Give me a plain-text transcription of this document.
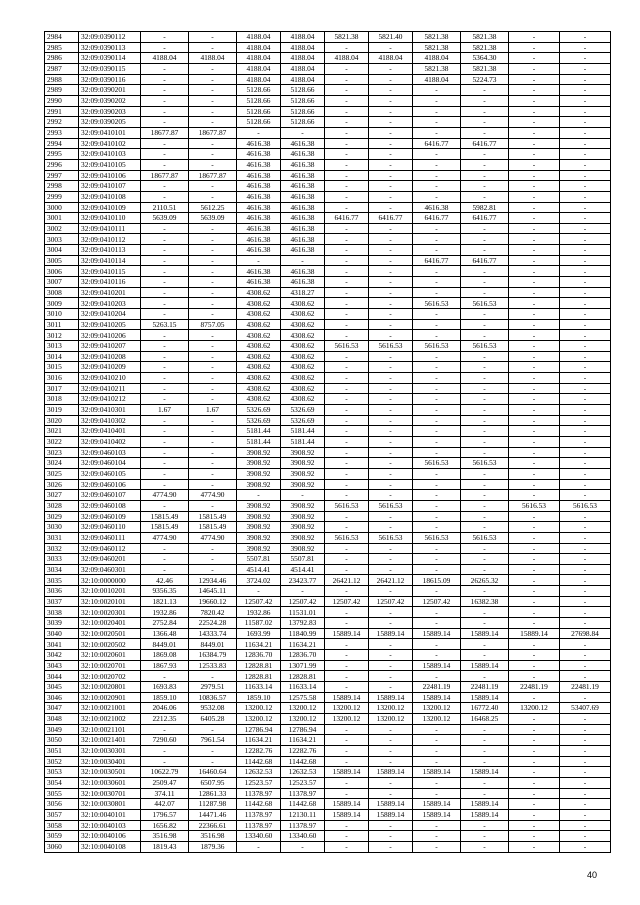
2984	32:09:0390112	-	-	4188.04	4188.04	5821.38	5821.40	5821.38	5821.38	-	-
2985	32:09:0390113	-	-	4188.04	4188.04	-	-	5821.38	5821.38	-	-
2986	32:09:0390114	4188.04	4188.04	4188.04	4188.04	4188.04	4188.04	4188.04	5364.30	-	-
2987	32:09:0390115	-	-	4188.04	4188.04	-	-	5821.38	5821.38	-	-
2988	32:09:0390116	-	-	4188.04	4188.04	-	-	4188.04	5224.73	-	-
2989	32:09:0390201	-	-	5128.66	5128.66	-	-	-	-	-	-
2990	32:09:0390202	-	-	5128.66	5128.66	-	-	-	-	-	-
2991	32:09:0390203	-	-	5128.66	5128.66	-	-	-	-	-	-
2992	32:09:0390205	-	-	5128.66	5128.66	-	-	-	-	-	-
2993	32:09:0410101	18677.87	18677.87	-	-	-	-	-	-	-	-
2994	32:09:0410102	-	-	4616.38	4616.38	-	-	6416.77	6416.77	-	-
2995	32:09:0410103	-	-	4616.38	4616.38	-	-	-	-	-	-
2996	32:09:0410105	-	-	4616.38	4616.38	-	-	-	-	-	-
2997	32:09:0410106	18677.87	18677.87	4616.38	4616.38	-	-	-	-	-	-
2998	32:09:0410107	-	-	4616.38	4616.38	-	-	-	-	-	-
2999	32:09:0410108	-	-	4616.38	4616.38	-	-	-	-	-	-
3000	32:09:0410109	2110.51	5612.25	4616.38	4616.38	-	-	4616.38	5982.81	-	-
3001	32:09:0410110	5639.09	5639.09	4616.38	4616.38	6416.77	6416.77	6416.77	6416.77	-	-
3002	32:09:0410111	-	-	4616.38	4616.38	-	-	-	-	-	-
3003	32:09:0410112	-	-	4616.38	4616.38	-	-	-	-	-	-
3004	32:09:0410113	-	-	4616.38	4616.38	-	-	-	-	-	-
3005	32:09:0410114	-	-	-	-	-	-	6416.77	6416.77	-	-
3006	32:09:0410115	-	-	4616.38	4616.38	-	-	-	-	-	-
3007	32:09:0410116	-	-	4616.38	4616.38	-	-	-	-	-	-
3008	32:09:0410201	-	-	4308.62	4318.27	-	-	-	-	-	-
3009	32:09:0410203	-	-	4308.62	4308.62	-	-	5616.53	5616.53	-	-
3010	32:09:0410204	-	-	4308.62	4308.62	-	-	-	-	-	-
3011	32:09:0410205	5263.15	8757.05	4308.62	4308.62	-	-	-	-	-	-
3012	32:09:0410206	-	-	4308.62	4308.62	-	-	-	-	-	-
3013	32:09:0410207	-	-	4308.62	4308.62	5616.53	5616.53	5616.53	5616.53	-	-
3014	32:09:0410208	-	-	4308.62	4308.62	-	-	-	-	-	-
3015	32:09:0410209	-	-	4308.62	4308.62	-	-	-	-	-	-
3016	32:09:0410210	-	-	4308.62	4308.62	-	-	-	-	-	-
3017	32:09:0410211	-	-	4308.62	4308.62	-	-	-	-	-	-
3018	32:09:0410212	-	-	4308.62	4308.62	-	-	-	-	-	-
3019	32:09:0410301	1.67	1.67	5326.69	5326.69	-	-	-	-	-	-
3020	32:09:0410302	-	-	5326.69	5326.69	-	-	-	-	-	-
3021	32:09:0410401	-	-	5181.44	5181.44	-	-	-	-	-	-
3022	32:09:0410402	-	-	5181.44	5181.44	-	-	-	-	-	-
3023	32:09:0460103	-	-	3908.92	3908.92	-	-	-	-	-	-
3024	32:09:0460104	-	-	3908.92	3908.92	-	-	5616.53	5616.53	-	-
3025	32:09:0460105	-	-	3908.92	3908.92	-	-	-	-	-	-
3026	32:09:0460106	-	-	3908.92	3908.92	-	-	-	-	-	-
3027	32:09:0460107	4774.90	4774.90	-	-	-	-	-	-	-	-
3028	32:09:0460108	-	-	3908.92	3908.92	5616.53	5616.53	-	-	5616.53	5616.53
3029	32:09:0460109	15815.49	15815.49	3908.92	3908.92	-	-	-	-	-	-
3030	32:09:0460110	15815.49	15815.49	3908.92	3908.92	-	-	-	-	-	-
3031	32:09:0460111	4774.90	4774.90	3908.92	3908.92	5616.53	5616.53	5616.53	5616.53	-	-
3032	32:09:0460112	-	-	3908.92	3908.92	-	-	-	-	-	-
3033	32:09:0460201	-	-	5507.81	5507.81	-	-	-	-	-	-
3034	32:09:0460301	-	-	4514.41	4514.41	-	-	-	-	-	-
3035	32:10:0000000	42.46	12934.46	3724.02	23423.77	26421.12	26421.12	18615.09	26265.32	-	-
3036	32:10:0010201	9356.35	14645.11	-	-	-	-	-	-	-	-
3037	32:10:0020101	1821.13	19660.12	12507.42	12507.42	12507.42	12507.42	12507.42	16382.38	-	-
3038	32:10:0020301	1932.86	7820.42	1932.86	11531.01	-	-	-	-	-	-
3039	32:10:0020401	2752.84	22524.28	11587.02	13792.83	-	-	-	-	-	-
3040	32:10:0020501	1366.48	14333.74	1693.99	11840.99	15889.14	15889.14	15889.14	15889.14	15889.14	27698.84
3041	32:10:0020502	8449.01	8449.01	11634.21	11634.21	-	-	-	-	-	-
3042	32:10:0020601	1869.08	16384.79	12836.70	12836.70	-	-	-	-	-	-
3043	32:10:0020701	1867.93	12533.83	12828.81	13071.99	-	-	15889.14	15889.14	-	-
3044	32:10:0020702	-	-	12828.81	12828.81	-	-	-	-	-	-
3045	32:10:0020801	1693.83	2979.51	11633.14	11633.14	-	-	22481.19	22481.19	22481.19	22481.19
3046	32:10:0020901	1859.10	10836.57	1859.10	12575.58	15889.14	15889.14	15889.14	15889.14	-	-
3047	32:10:0021001	2046.06	9532.08	13200.12	13200.12	13200.12	13200.12	13200.12	16772.40	13200.12	53407.69
3048	32:10:0021002	2212.35	6405.28	13200.12	13200.12	13200.12	13200.12	13200.12	16468.25	-	-
3049	32:10:0021101	-	-	12786.94	12786.94	-	-	-	-	-	-
3050	32:10:0021401	7290.60	7961.54	11634.21	11634.21	-	-	-	-	-	-
3051	32:10:0030301	-	-	12282.76	12282.76	-	-	-	-	-	-
3052	32:10:0030401	-	-	11442.68	11442.68	-	-	-	-	-	-
3053	32:10:0030501	10622.79	16460.64	12632.53	12632.53	15889.14	15889.14	15889.14	15889.14	-	-
3054	32:10:0030601	2509.47	6507.95	12523.57	12523.57	-	-	-	-	-	-
3055	32:10:0030701	374.11	12861.33	11378.97	11378.97	-	-	-	-	-	-
3056	32:10:0030801	442.07	11287.98	11442.68	11442.68	15889.14	15889.14	15889.14	15889.14	-	-
3057	32:10:0040101	1796.57	14471.46	11378.97	12130.11	15889.14	15889.14	15889.14	15889.14	-	-
3058	32:10:0040103	1656.82	22366.61	11378.97	11378.97	-	-	-	-	-	-
3059	32:10:0040106	3516.98	3516.98	13340.60	13340.60	-	-	-	-	-	-
3060	32:10:0040108	1819.43	1879.36	-	-	-	-	-	-	-	-
40
